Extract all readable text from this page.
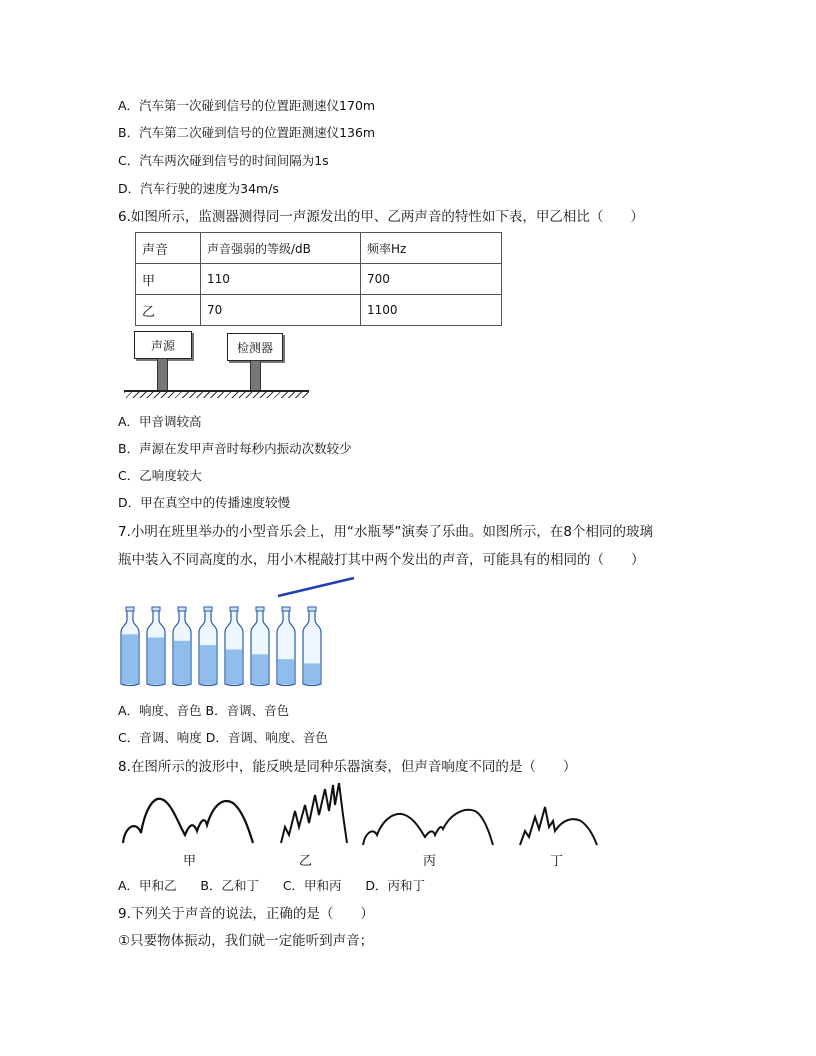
A．汽车第一次碰到信号的位置距测速仪170m
B．汽车第二次碰到信号的位置距测速仪136m
C．汽车两次碰到信号的时间间隔为1s
D．汽车行驶的速度为34m/s
6.如图所示，监测器测得同一声源发出的甲、乙两声音的特性如下表，甲乙相比（　　）
声音	声音强弱的等级/dB	频率Hz
甲	110	700
乙	70	1100
声源	检测器
A．甲音调较高
B．声源在发甲声音时每秒内振动次数较少
C．乙响度较大
D．甲在真空中的传播速度较慢
7.小明在班里举办的小型音乐会上，用“水瓶琴”演奏了乐曲。如图所示，在8个相同的玻璃
瓶中装入不同高度的水，用小木棍敲打其中两个发出的声音，可能具有的相同的（　　）
A．响度、音色 B．音调、音色
C．音调、响度 D．音调、响度、音色
8.在图所示的波形中，能反映是同种乐器演奏，但声音响度不同的是（　　）
甲	乙	丙	丁
A．甲和乙 B．乙和丁 C．甲和丙 D．丙和丁
9.下列关于声音的说法，正确的是（　　）
①只要物体振动，我们就一定能听到声音；
